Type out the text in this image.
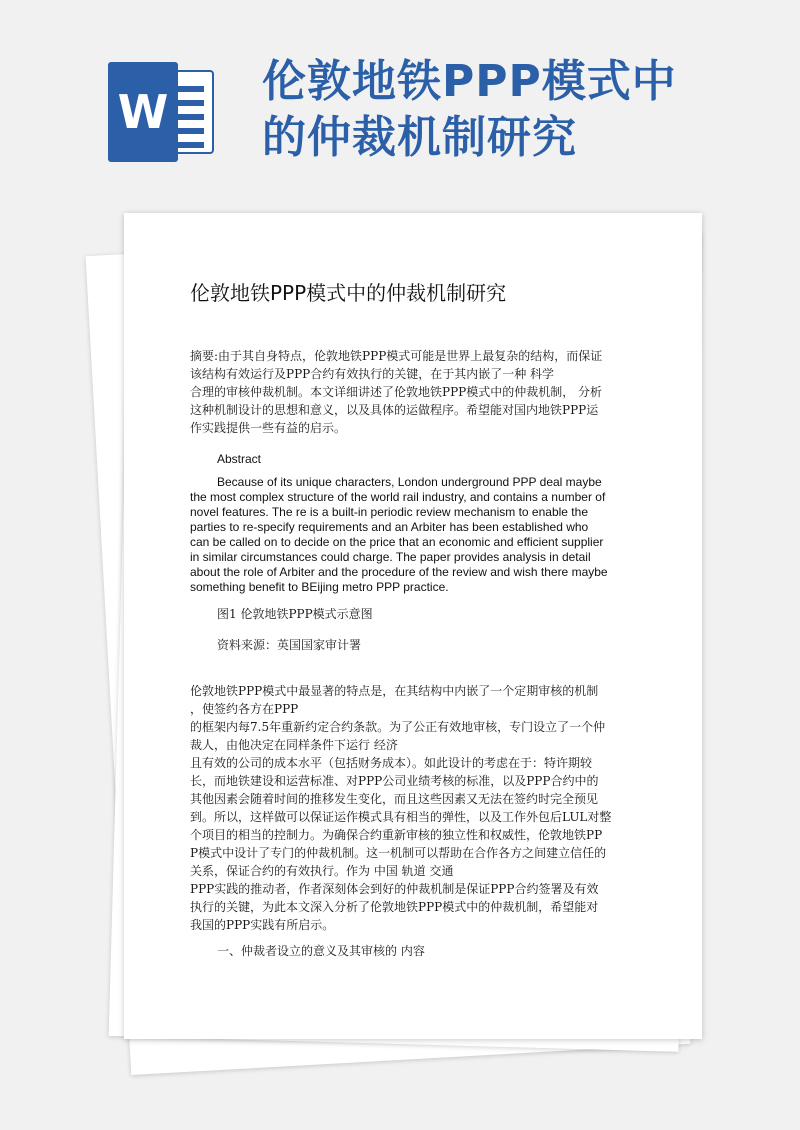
W
伦敦地铁PPP模式中
的仲裁机制研究
伦敦地铁PPP模式中的仲裁机制研究
摘要:由于其自身特点，伦敦地铁PPP模式可能是世界上最复杂的结构，而保证
该结构有效运行及PPP合约有效执行的关键，在于其内嵌了一种 科学
合理的审核仲裁机制。本文详细讲述了伦敦地铁PPP模式中的仲裁机制， 分析
这种机制设计的思想和意义，以及具体的运做程序。希望能对国内地铁PPP运
作实践提供一些有益的启示。
Abstract
Because of its unique characters, London underground PPP deal maybe
the most complex structure of the world rail industry, and contains a number of
novel features. The re is a built-in periodic review mechanism to enable the
parties to re-specify requirements and an Arbiter has been established who
can be called on to decide on the price that an economic and efficient supplier
in similar circumstances could charge. The paper provides analysis in detail
about the role of Arbiter and the procedure of the review and wish there maybe
something benefit to BEijing metro PPP practice.
图1 伦敦地铁PPP模式示意图
资料来源：英国国家审计署
伦敦地铁PPP模式中最显著的特点是，在其结构中内嵌了一个定期审核的机制
，使签约各方在PPP
的框架内每7.5年重新约定合约条款。为了公正有效地审核，专门设立了一个仲
裁人，由他决定在同样条件下运行 经济
且有效的公司的成本水平（包括财务成本）。如此设计的考虑在于：特许期较
长，而地铁建设和运营标准、对PPP公司业绩考核的标准，以及PPP合约中的
其他因素会随着时间的推移发生变化，而且这些因素又无法在签约时完全预见
到。所以，这样做可以保证运作模式具有相当的弹性，以及工作外包后LUL对整
个项目的相当的控制力。为确保合约重新审核的独立性和权威性，伦敦地铁PP
P模式中设计了专门的仲裁机制。这一机制可以帮助在合作各方之间建立信任的
关系，保证合约的有效执行。作为 中国 轨道 交通
PPP实践的推动者，作者深刻体会到好的仲裁机制是保证PPP合约签署及有效
执行的关键，为此本文深入分析了伦敦地铁PPP模式中的仲裁机制，希望能对
我国的PPP实践有所启示。
一、仲裁者设立的意义及其审核的 内容
